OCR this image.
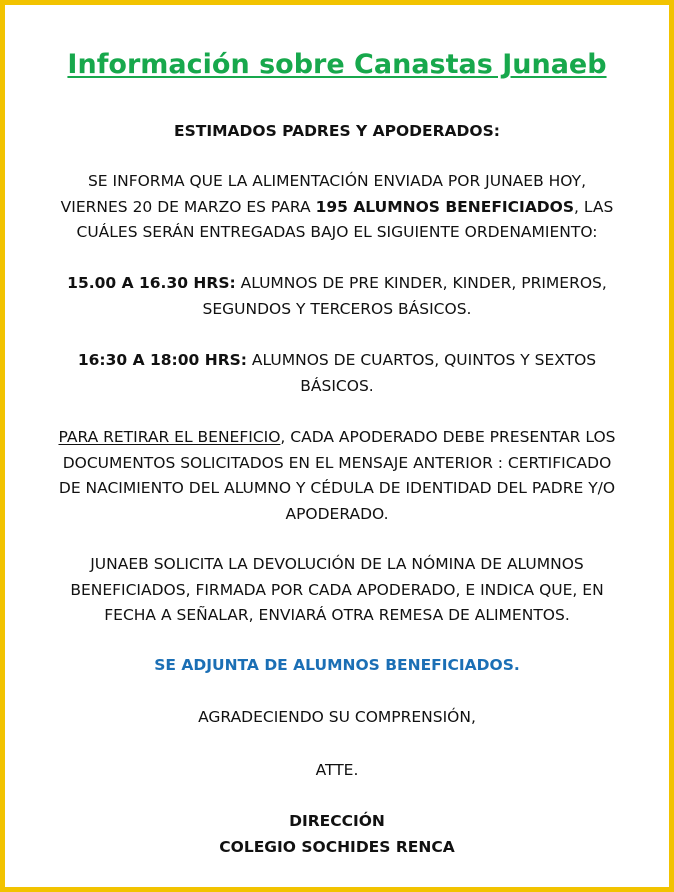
Información sobre Canastas Junaeb
ESTIMADOS PADRES Y APODERADOS:
SE INFORMA QUE LA ALIMENTACIÓN ENVIADA POR JUNAEB HOY,
VIERNES 20 DE MARZO ES PARA 195 ALUMNOS BENEFICIADOS, LAS
CUÁLES SERÁN ENTREGADAS BAJO EL SIGUIENTE ORDENAMIENTO:
15.00 A 16.30 HRS: ALUMNOS DE PRE KINDER, KINDER, PRIMEROS,
SEGUNDOS Y TERCEROS BÁSICOS.
16:30 A 18:00 HRS: ALUMNOS DE CUARTOS, QUINTOS Y SEXTOS
BÁSICOS.
PARA RETIRAR EL BENEFICIO, CADA APODERADO DEBE PRESENTAR LOS
DOCUMENTOS SOLICITADOS EN EL MENSAJE ANTERIOR : CERTIFICADO
DE NACIMIENTO DEL ALUMNO Y CÉDULA DE IDENTIDAD DEL PADRE Y/O
APODERADO.
JUNAEB SOLICITA LA DEVOLUCIÓN DE LA NÓMINA DE ALUMNOS
BENEFICIADOS, FIRMADA POR CADA APODERADO, E INDICA QUE, EN
FECHA A SEÑALAR, ENVIARÁ OTRA REMESA DE ALIMENTOS.
SE ADJUNTA DE ALUMNOS BENEFICIADOS.
AGRADECIENDO SU COMPRENSIÓN,
ATTE.
DIRECCIÓN
COLEGIO SOCHIDES RENCA
